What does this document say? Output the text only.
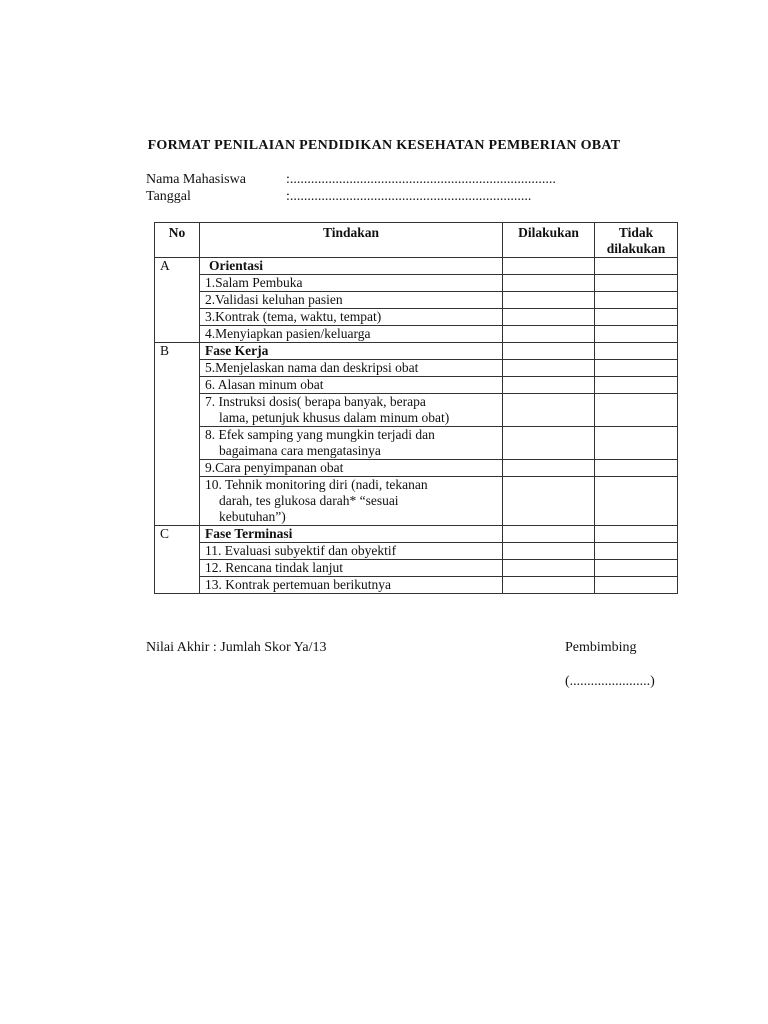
FORMAT PENILAIAN PENDIDIKAN KESEHATAN PEMBERIAN OBAT
Nama Mahasiswa	:............................................................................
Tanggal	:.....................................................................
No	Tindakan	Dilakukan	Tidak dilakukan
A	Orientasi		
	1.Salam Pembuka		
	2.Validasi keluhan pasien		
	3.Kontrak (tema, waktu, tempat)		
	4.Menyiapkan pasien/keluarga		
B	Fase Kerja		
	5.Menjelaskan nama dan deskripsi obat		
	6. Alasan minum obat		
	7. Instruksi dosis( berapa banyak, berapa

lama, petunjuk khusus dalam minum obat)		

	8. Efek samping yang mungkin terjadi dan

bagaimana cara mengatasinya		

	9.Cara penyimpanan obat		
	10. Tehnik monitoring diri (nadi, tekanan

darah, tes glukosa darah* “sesuai
kebutuhan”)		

C	Fase Terminasi		
	11. Evaluasi subyektif dan obyektif		
	12. Rencana tindak lanjut		
	13. Kontrak pertemuan berikutnya		
Nilai Akhir : Jumlah Skor Ya/13	Pembimbing
(.......................)
